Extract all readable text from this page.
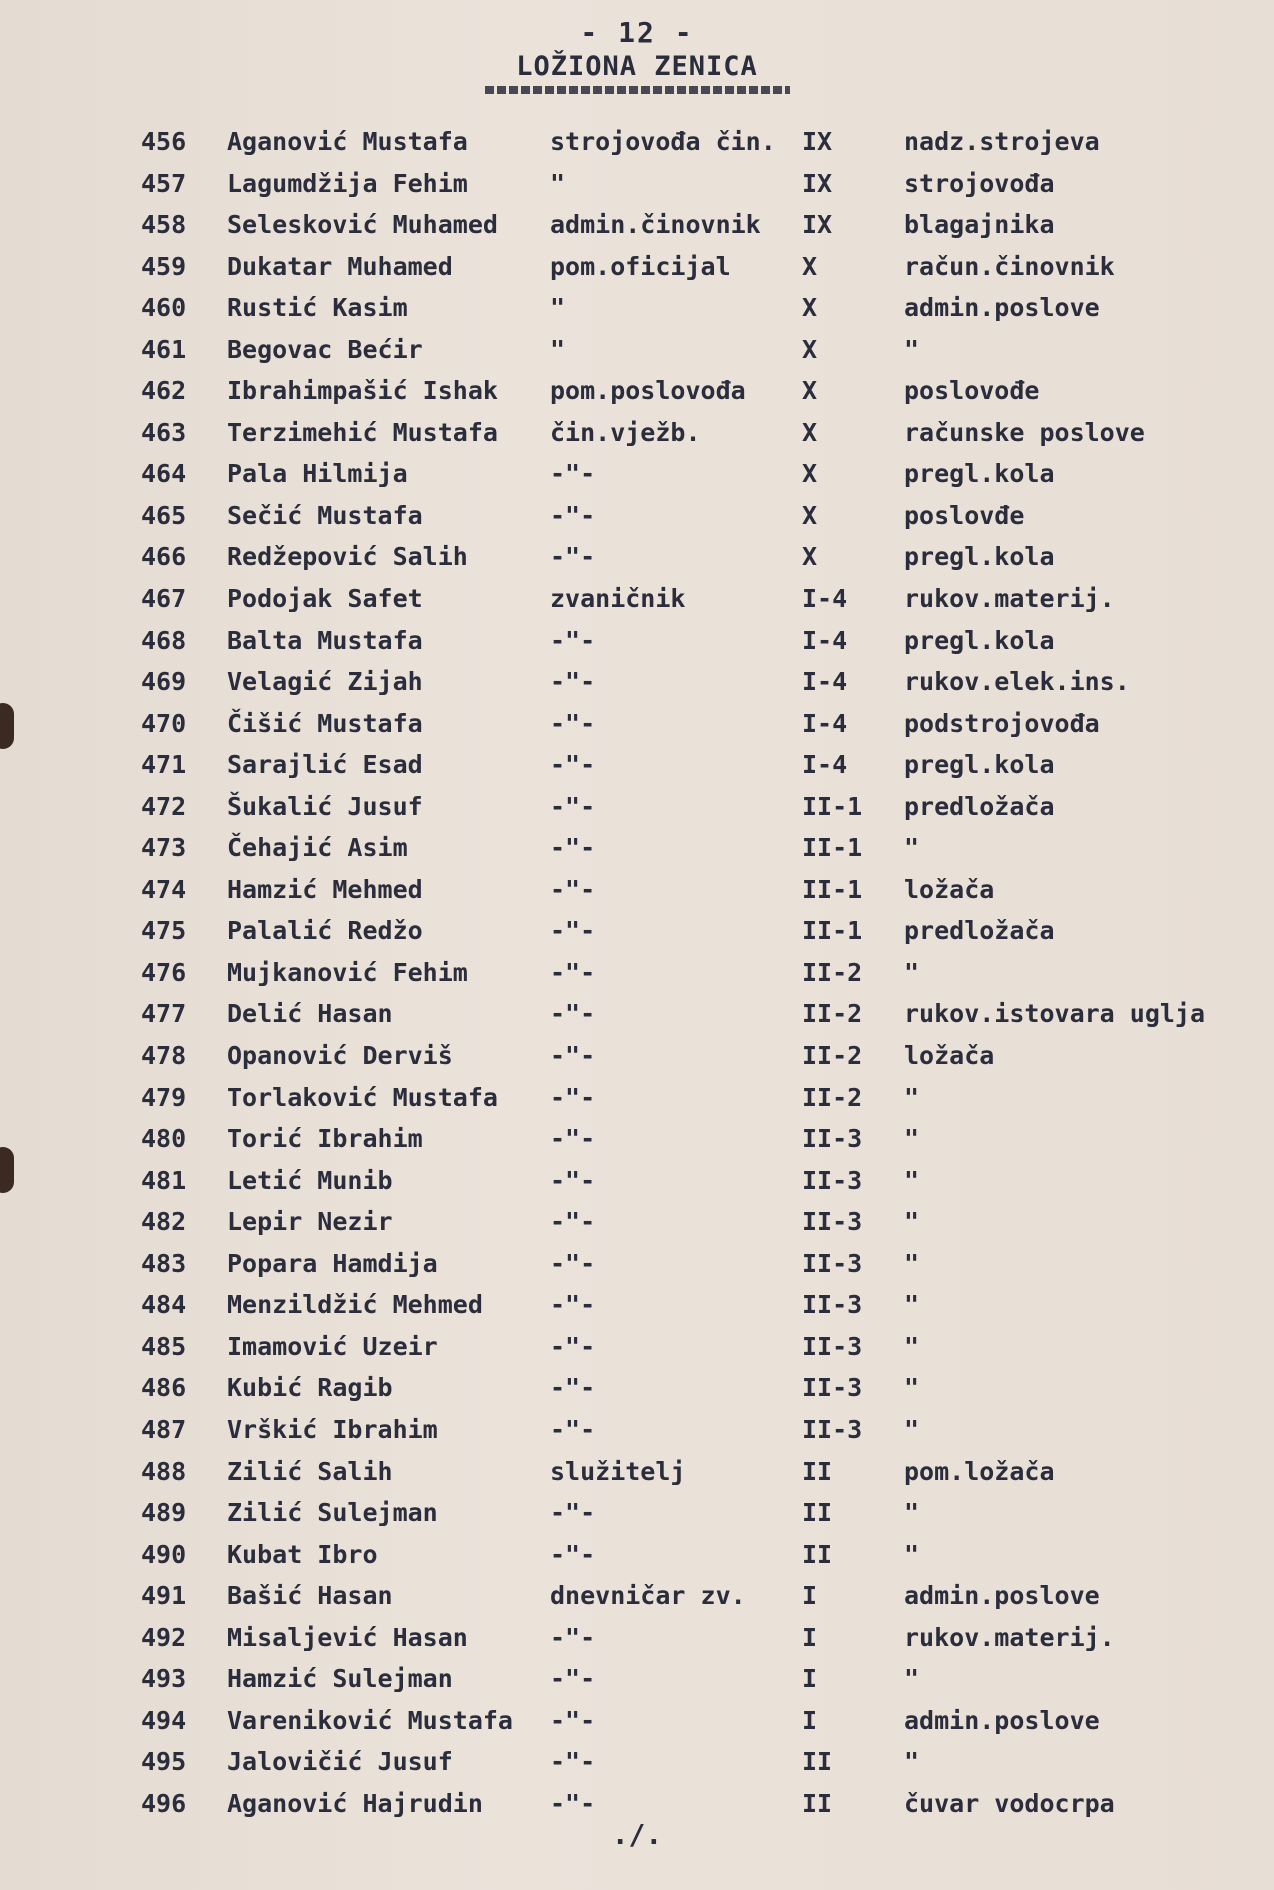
- 12 -
LOŽIONA ZENICA
456 Aganović Mustafa	strojovođa čin. IX	nadz.strojeva
457 Lagumdžija Fehim	"	IX	strojovođa
458 Selesković Muhamed admin.činovnik IX	blagajnika
459 Dukatar Muhamed	pom.oficijal	X	račun.činovnik
460 Rustić Kasim	"	X	admin.poslove
461 Begovac Bećir	"	X	"
462 Ibrahimpašić Ishak pom.poslovođa X	poslovođe
463 Terzimehić Mustafa čin.vježb.	X	računske poslove
464 Pala Hilmija	-"-	X	pregl.kola
465 Sečić Mustafa	-"-	X	poslovđe
466 Redžepović Salih	-"-	X	pregl.kola
467 Podojak Safet	zvaničnik	I-4 rukov.materij.
468 Balta Mustafa	-"-	I-4 pregl.kola
469 Velagić Zijah	-"-	I-4 rukov.elek.ins.
470 Čišić Mustafa	-"-	I-4 podstrojovođa
471 Sarajlić Esad	-"-	I-4 pregl.kola
472 Šukalić Jusuf	-"-	II-1 predložača
473 Čehajić Asim	-"-	II-1 "
474 Hamzić Mehmed	-"-	II-1 ložača
475 Palalić Redžo	-"-	II-1 predložača
476 Mujkanović Fehim	-"-	II-2 "
477 Delić Hasan	-"-	II-2 rukov.istovara uglja
478 Opanović Derviš	-"-	II-2 ložača
479 Torlaković Mustafa -"-	II-2 "
480 Torić Ibrahim	-"-	II-3 "
481 Letić Munib	-"-	II-3 "
482 Lepir Nezir	-"-	II-3 "
483 Popara Hamdija	-"-	II-3 "
484 Menzildžić Mehmed	-"-	II-3 "
485 Imamović Uzeir	-"-	II-3 "
486 Kubić Ragib	-"-	II-3 "
487 Vrškić Ibrahim	-"-	II-3 "
488 Zilić Salih	služitelj	II	pom.ložača
489 Zilić Sulejman	-"-	II	"
490 Kubat Ibro	-"-	II	"
491 Bašić Hasan	dnevničar zv. I	admin.poslove
492 Misaljević Hasan	-"-	I	rukov.materij.
493 Hamzić Sulejman	-"-	I	"
494 Vareniković Mustafa -"-	I	admin.poslove
495 Jalovičić Jusuf	-"-	II	"
496 Aganović Hajrudin	-"-	II	čuvar vodocrpa
./.
